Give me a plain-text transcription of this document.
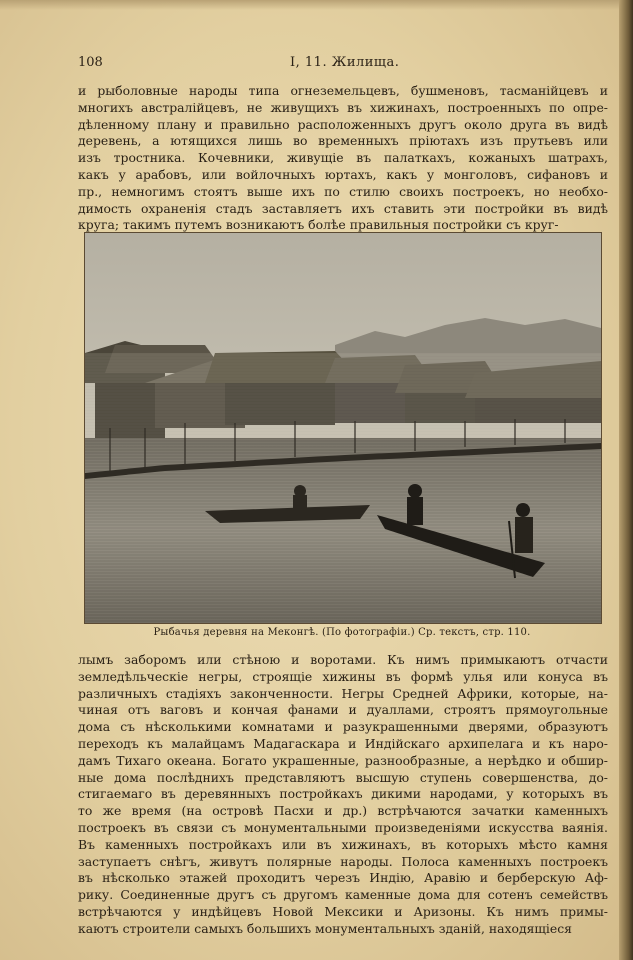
108	I, 11. Жилища.
и рыболовные народы типа огнеземельцевъ, бушменовъ, тасманійцевъ и
многихъ австралійцевъ, не живущихъ въ хижинахъ, построенныхъ по опре-
дѣленному плану и правильно расположенныхъ другъ около друга въ видѣ
деревень, а ютящихся лишь во временныхъ пріютахъ изъ прутьевъ или
изъ тростника. Кочевники, живущіе въ палаткахъ, кожаныхъ шатрахъ,
какъ у арабовъ, или войлочныхъ юртахъ, какъ у монголовъ, сифановъ и
пр., немногимъ стоятъ выше ихъ по стилю своихъ построекъ, но необхо-
димость охраненія стадъ заставляетъ ихъ ставить эти постройки въ видѣ
круга; такимъ путемъ возникаютъ болѣе правильныя постройки съ круг-
Рыбачья деревня на Меконгѣ. (По фотографіи.) Ср. текстъ, стр. 110.
лымъ заборомъ или стѣною и воротами. Къ нимъ примыкаютъ отчасти
земледѣльческіе негры, строящіе хижины въ формѣ улья или конуса въ
различныхъ стадіяхъ законченности. Негры Средней Африки, которые, на-
чиная отъ ваговъ и кончая фанами и дуаллами, строятъ прямоугольные
дома съ нѣсколькими комнатами и разукрашенными дверями, образуютъ
переходъ къ малайцамъ Мадагаскара и Индійскаго архипелага и къ наро-
дамъ Тихаго океана. Богато украшенные, разнообразные, а нерѣдко и обшир-
ные дома послѣднихъ представляютъ высшую ступень совершенства, до-
стигаемаго въ деревянныхъ постройкахъ дикими народами, у которыхъ въ
то же время (на островѣ Пасхи и др.) встрѣчаются зачатки каменныхъ
построекъ въ связи съ монументальными произведеніями искусства ваянія.
Въ каменныхъ постройкахъ или въ хижинахъ, въ которыхъ мѣсто камня
заступаетъ снѣгъ, живутъ полярные народы. Полоса каменныхъ построекъ
въ нѣсколько этажей проходитъ черезъ Индію, Аравію и берберскую Аф-
рику. Соединенные другъ съ другомъ каменные дома для сотенъ семействъ
встрѣчаются у индѣйцевъ Новой Мексики и Аризоны. Къ нимъ примы-
каютъ строители самыхъ большихъ монументальныхъ зданій, находящіеся
